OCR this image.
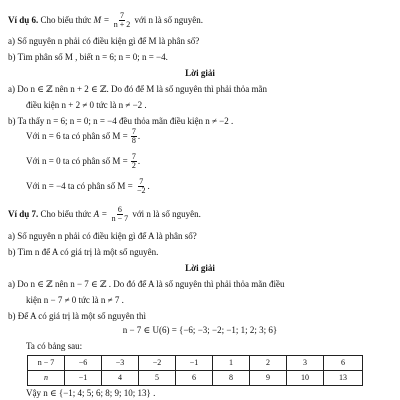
Ví dụ 6. Cho biểu thức $M = \frac{7}{n + 2}$ với n là số nguyên.
a) Số nguyên n phải có điều kiện gì để M là phân số?
b) Tìm phân số M , biết n = 6; n = 0; n = −4.
Lời giải
a) Do n ∈ ℤ nên n + 2 ∈ ℤ. Do đó để M là số nguyên thì phải thỏa mãn
điều kiện n + 2 ≠ 0 tức là n ≠ −2 .
b) Ta thấy n = 6; n = 0; n = −4 đều thỏa mãn điều kiện n ≠ −2 .
Với n = 6 ta có phân số $M = \frac{7}{8}$ .
Với n = 0 ta có phân số $M = \frac{7}{2}$ .
Với n = −4 ta có phân số $M = \frac{7}{-2}$ .
Ví dụ 7. Cho biểu thức $A = \frac{6}{n - 7}$ với n là số nguyên.
a) Số nguyên n phải có điều kiện gì để A là phân số?
b) Tìm n để A có giá trị là một số nguyên.
Lời giải
a) Do n ∈ ℤ nên n − 7 ∈ ℤ . Do đó để A là số nguyên thì phải thỏa mãn điều
kiện n − 7 ≠ 0 tức là n ≠ 7 .
b) Để A có giá trị là một số nguyên thì
n − 7 ∈ U(6) = {−6; −3; −2; −1; 1; 2; 3; 6}
Ta có bảng sau:
n − 7	−6	−3	−2	−1	1	2	3	6
n	−1	4	5	6	8	9	10	13
Vậy n ∈ {−1; 4; 5; 6; 8; 9; 10; 13} .
